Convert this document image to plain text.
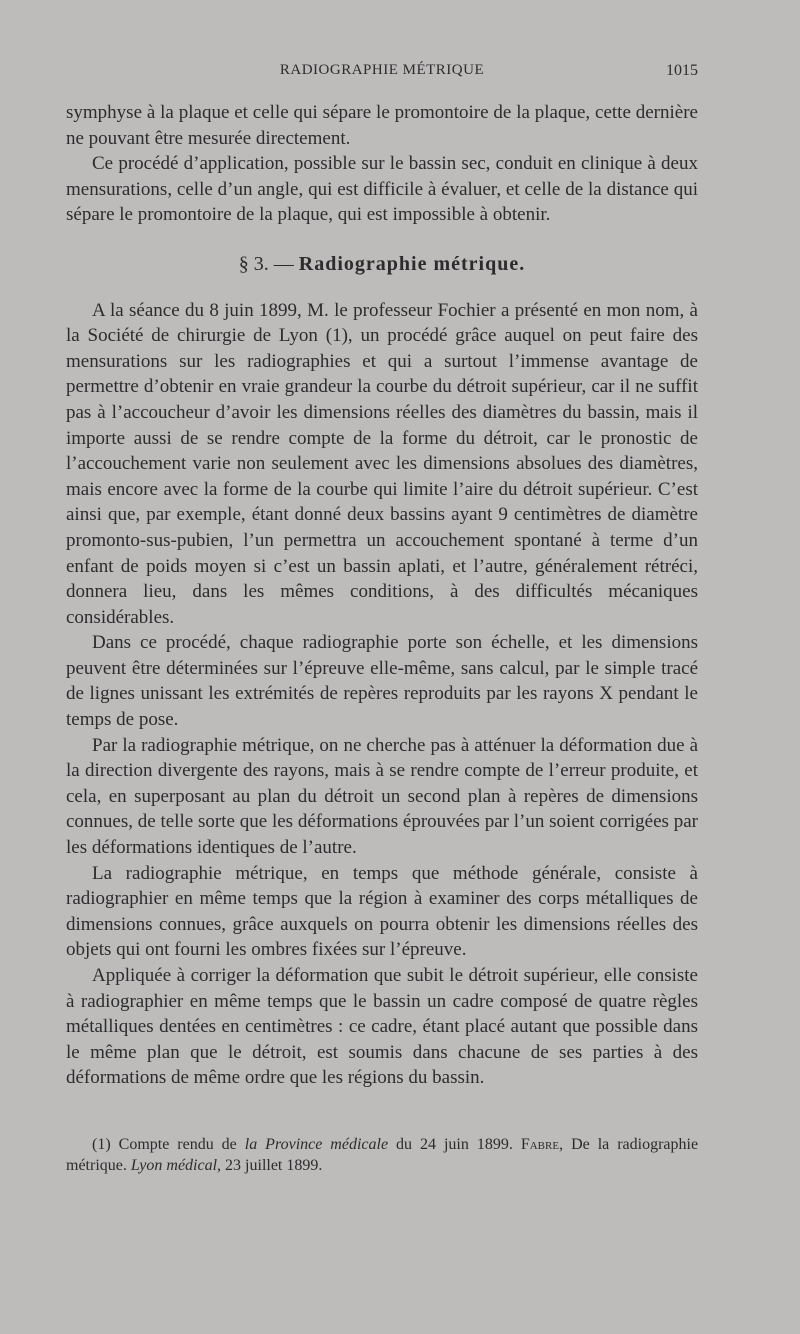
RADIOGRAPHIE MÉTRIQUE	1015

symphyse à la plaque et celle qui sépare le promontoire de la plaque, cette dernière ne pouvant être mesurée directement.

Ce procédé d’application, possible sur le bassin sec, conduit en clinique à deux mensurations, celle d’un angle, qui est difficile à évaluer, et celle de la distance qui sépare le promontoire de la plaque, qui est impossible à obtenir.

§ 3. — Radiographie métrique.

A la séance du 8 juin 1899, M. le professeur Fochier a présenté en mon nom, à la Société de chirurgie de Lyon (1), un procédé grâce auquel on peut faire des mensurations sur les radiographies et qui a surtout l’immense avantage de permettre d’obtenir en vraie grandeur la courbe du détroit supérieur, car il ne suffit pas à l’accoucheur d’avoir les dimensions réelles des diamètres du bassin, mais il importe aussi de se rendre compte de la forme du détroit, car le pronostic de l’accouchement varie non seulement avec les dimensions absolues des diamètres, mais encore avec la forme de la courbe qui limite l’aire du détroit supérieur. C’est ainsi que, par exemple, étant donné deux bassins ayant 9 centimètres de diamètre promonto-sus-pubien, l’un permettra un accouchement spontané à terme d’un enfant de poids moyen si c’est un bassin aplati, et l’autre, généralement rétréci, donnera lieu, dans les mêmes conditions, à des difficultés mécaniques considérables.

Dans ce procédé, chaque radiographie porte son échelle, et les dimensions peuvent être déterminées sur l’épreuve elle-même, sans calcul, par le simple tracé de lignes unissant les extrémités de repères reproduits par les rayons X pendant le temps de pose.

Par la radiographie métrique, on ne cherche pas à atténuer la déformation due à la direction divergente des rayons, mais à se rendre compte de l’erreur produite, et cela, en superposant au plan du détroit un second plan à repères de dimensions connues, de telle sorte que les déformations éprouvées par l’un soient corrigées par les déformations identiques de l’autre.

La radiographie métrique, en temps que méthode générale, consiste à radiographier en même temps que la région à examiner des corps métalliques de dimensions connues, grâce auxquels on pourra obtenir les dimensions réelles des objets qui ont fourni les ombres fixées sur l’épreuve.

Appliquée à corriger la déformation que subit le détroit supérieur, elle consiste à radiographier en même temps que le bassin un cadre composé de quatre règles métalliques dentées en centimètres : ce cadre, étant placé autant que possible dans le même plan que le détroit, est soumis dans chacune de ses parties à des déformations de même ordre que les régions du bassin.

(1) Compte rendu de la Province médicale du 24 juin 1899. Fabre, De la radiographie métrique. Lyon médical, 23 juillet 1899.
